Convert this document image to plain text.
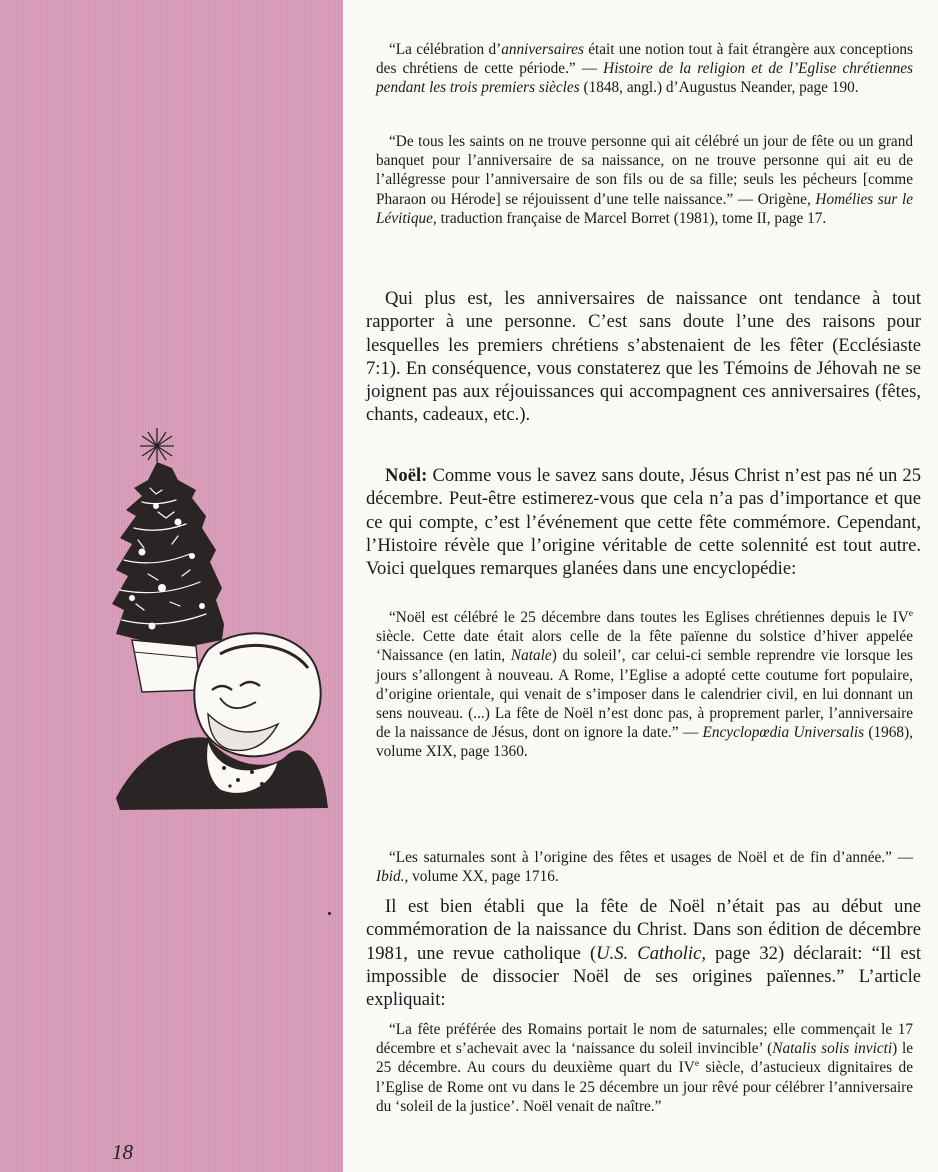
18

“La célébration d’anniversaires était une notion tout à fait étrangère aux conceptions des chrétiens de cette période.” — Histoire de la religion et de l’Eglise chrétiennes pendant les trois premiers siècles (1848, angl.) d’Augustus Neander, page 190.

“De tous les saints on ne trouve personne qui ait célébré un jour de fête ou un grand banquet pour l’anniversaire de sa naissance, on ne trouve personne qui ait eu de l’allégresse pour l’anniversaire de son fils ou de sa fille; seuls les pécheurs [comme Pharaon ou Hérode] se réjouissent d’une telle naissance.” — Origène, Homélies sur le Lévitique, traduction française de Marcel Borret (1981), tome II, page 17.

Qui plus est, les anniversaires de naissance ont tendance à tout rapporter à une personne. C’est sans doute l’une des raisons pour lesquelles les premiers chrétiens s’abstenaient de les fêter (Ecclésiaste 7:1). En conséquence, vous constaterez que les Témoins de Jéhovah ne se joignent pas aux réjouissances qui accompagnent ces anniversaires (fêtes, chants, cadeaux, etc.).

Noël: Comme vous le savez sans doute, Jésus Christ n’est pas né un 25 décembre. Peut-être estimerez-vous que cela n’a pas d’importance et que ce qui compte, c’est l’événement que cette fête commémore. Cependant, l’Histoire révèle que l’origine véritable de cette solennité est tout autre. Voici quelques remarques glanées dans une encyclopédie:

“Noël est célébré le 25 décembre dans toutes les Eglises chrétiennes depuis le IVe siècle. Cette date était alors celle de la fête païenne du solstice d’hiver appelée ‘Naissance (en latin, Natale) du soleil’, car celui-ci semble reprendre vie lorsque les jours s’allongent à nouveau. A Rome, l’Eglise a adopté cette coutume fort populaire, d’origine orientale, qui venait de s’imposer dans le calendrier civil, en lui donnant un sens nouveau. (...) La fête de Noël n’est donc pas, à proprement parler, l’anniversaire de la naissance de Jésus, dont on ignore la date.” — Encyclopœdia Universalis (1968), volume XIX, page 1360.

“Les saturnales sont à l’origine des fêtes et usages de Noël et de fin d’année.” — Ibid., volume XX, page 1716.

Il est bien établi que la fête de Noël n’était pas au début une commémoration de la naissance du Christ. Dans son édition de décembre 1981, une revue catholique (U.S. Catholic, page 32) déclarait: “Il est impossible de dissocier Noël de ses origines païennes.” L’article expliquait:

“La fête préférée des Romains portait le nom de saturnales; elle commençait le 17 décembre et s’achevait avec la ‘naissance du soleil invincible’ (Natalis solis invicti) le 25 décembre. Au cours du deuxième quart du IVe siècle, d’astucieux dignitaires de l’Eglise de Rome ont vu dans le 25 décembre un jour rêvé pour célébrer l’anniversaire du ‘soleil de la justice’. Noël venait de naître.”
